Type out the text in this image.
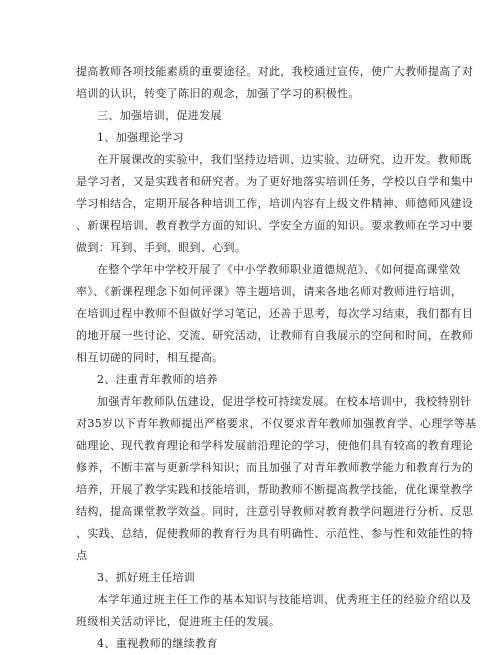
提高教师各项技能素质的重要途径。对此，我校通过宣传，使广大教师提高了对
培训的认识，转变了陈旧的观念，加强了学习的积极性。
三、加强培训，促进发展
1、加强理论学习
在开展课改的实验中，我们坚持边培训、边实验、边研究、边开发。教师既
是学习者，又是实践者和研究者。为了更好地落实培训任务，学校以自学和集中
学习相结合，定期开展各种培训工作，培训内容有上级文件精神、师德师风建设
、新课程培训、教育教学方面的知识、学安全方面的知识。要求教师在学习中要
做到：耳到、手到、眼到、心到。
在整个学年中学校开展了《中小学教师职业道德规范》、《如何提高课堂效
率》、《新课程理念下如何评课》等主题培训，请来各地名师对教师进行培训，
在培训过程中教师不但做好学习笔记，还善于思考，每次学习结束，我们都有目
的地开展一些讨论、交流、研究活动，让教师有自我展示的空间和时间，在教师
相互切磋的同时，相互提高。
2、注重青年教师的培养
加强青年教师队伍建设，促进学校可持续发展。在校本培训中，我校特别针
对35岁以下青年教师提出严格要求，不仅要求青年教师加强教育学、心理学等基
础理论、现代教育理论和学科发展前沿理论的学习，使他们具有较高的教育理论
修养，不断丰富与更新学科知识；而且加强了对青年教师教学能力和教育行为的
培养，开展了教学实践和技能培训，帮助教师不断提高教学技能，优化课堂教学
结构，提高课堂教学效益。同时，注意引导教师对教育教学问题进行分析、反思
、实践、总结，促使教师的教育行为具有明确性、示范性、参与性和效能性的特
点
3、抓好班主任培训
本学年通过班主任工作的基本知识与技能培训、优秀班主任的经验介绍以及
班级相关活动评比，促进班主任的发展。
4、重视教师的继续教育
